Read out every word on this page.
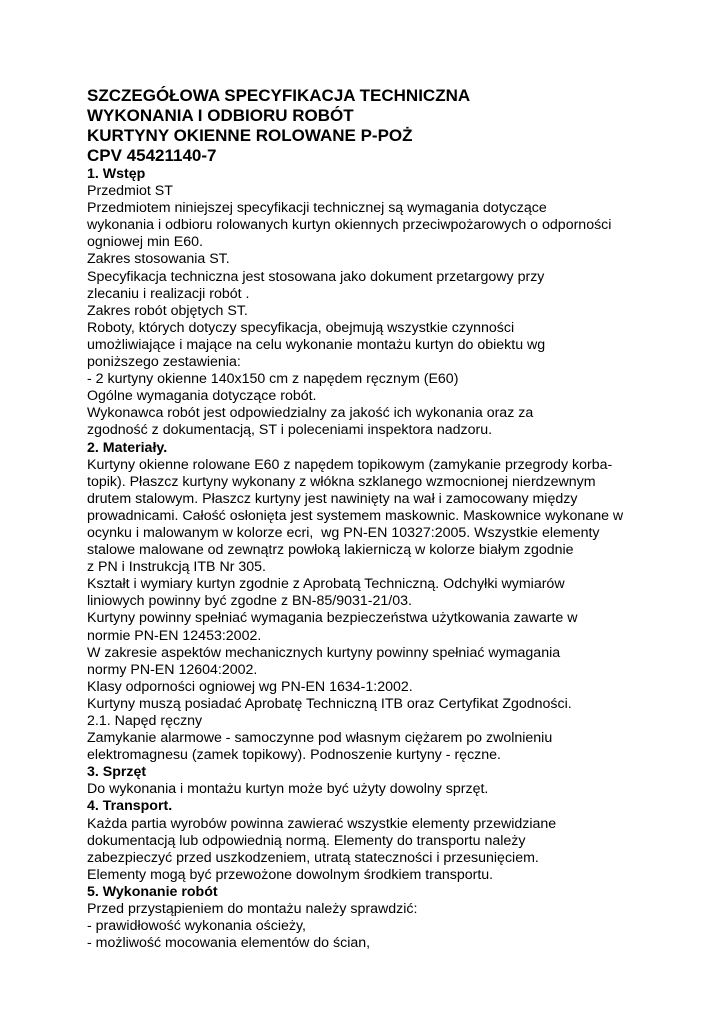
SZCZEGÓŁOWA SPECYFIKACJA TECHNICZNA
WYKONANIA I ODBIORU ROBÓT
KURTYNY OKIENNE ROLOWANE P-POŻ
CPV 45421140-7
1. Wstęp
Przedmiot ST
Przedmiotem niniejszej specyfikacji technicznej są wymagania dotyczące
wykonania i odbioru rolowanych kurtyn okiennych przeciwpożarowych o odporności
ogniowej min E60.
Zakres stosowania ST.
Specyfikacja techniczna jest stosowana jako dokument przetargowy przy
zlecaniu i realizacji robót .
Zakres robót objętych ST.
Roboty, których dotyczy specyfikacja, obejmują wszystkie czynności
umożliwiające i mające na celu wykonanie montażu kurtyn do obiektu wg
poniższego zestawienia:
- 2 kurtyny okienne 140x150 cm z napędem ręcznym (E60)
Ogólne wymagania dotyczące robót.
Wykonawca robót jest odpowiedzialny za jakość ich wykonania oraz za
zgodność z dokumentacją, ST i poleceniami inspektora nadzoru.
2. Materiały.
Kurtyny okienne rolowane E60 z napędem topikowym (zamykanie przegrody korba-
topik). Płaszcz kurtyny wykonany z włókna szklanego wzmocnionej nierdzewnym
drutem stalowym. Płaszcz kurtyny jest nawinięty na wał i zamocowany między
prowadnicami. Całość osłonięta jest systemem maskownic. Maskownice wykonane w
ocynku i malowanym w kolorze ecri,  wg PN-EN 10327:2005. Wszystkie elementy
stalowe malowane od zewnątrz powłoką lakierniczą w kolorze białym zgodnie
z PN i Instrukcją ITB Nr 305.
Kształt i wymiary kurtyn zgodnie z Aprobatą Techniczną. Odchyłki wymiarów
liniowych powinny być zgodne z BN-85/9031-21/03.
Kurtyny powinny spełniać wymagania bezpieczeństwa użytkowania zawarte w
normie PN-EN 12453:2002.
W zakresie aspektów mechanicznych kurtyny powinny spełniać wymagania
normy PN-EN 12604:2002.
Klasy odporności ogniowej wg PN-EN 1634-1:2002.
Kurtyny muszą posiadać Aprobatę Techniczną ITB oraz Certyfikat Zgodności.
2.1. Napęd ręczny
Zamykanie alarmowe - samoczynne pod własnym ciężarem po zwolnieniu
elektromagnesu (zamek topikowy). Podnoszenie kurtyny - ręczne.
3. Sprzęt
Do wykonania i montażu kurtyn może być użyty dowolny sprzęt.
4. Transport.
Każda partia wyrobów powinna zawierać wszystkie elementy przewidziane
dokumentacją lub odpowiednią normą. Elementy do transportu należy
zabezpieczyć przed uszkodzeniem, utratą stateczności i przesunięciem.
Elementy mogą być przewożone dowolnym środkiem transportu.
5. Wykonanie robót
Przed przystąpieniem do montażu należy sprawdzić:
- prawidłowość wykonania ościeży,
- możliwość mocowania elementów do ścian,
